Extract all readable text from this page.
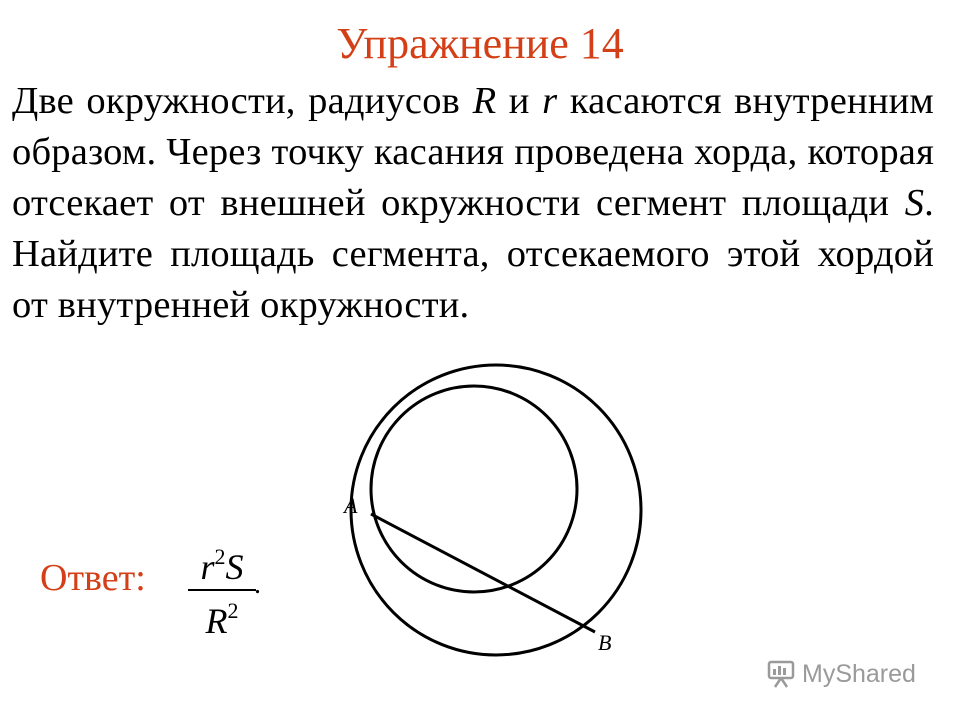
Упражнение 14

Две окружности, радиусов R и r касаются внутренним образом. Через точку касания проведена хорда, которая отсекает от внешней окружности сегмент площади S. Найдите площадь сегмента, отсекаемого этой хордой от внутренней окружности.

Ответ:	$r^2S$
$R^2$
.
A
B
MyShared
